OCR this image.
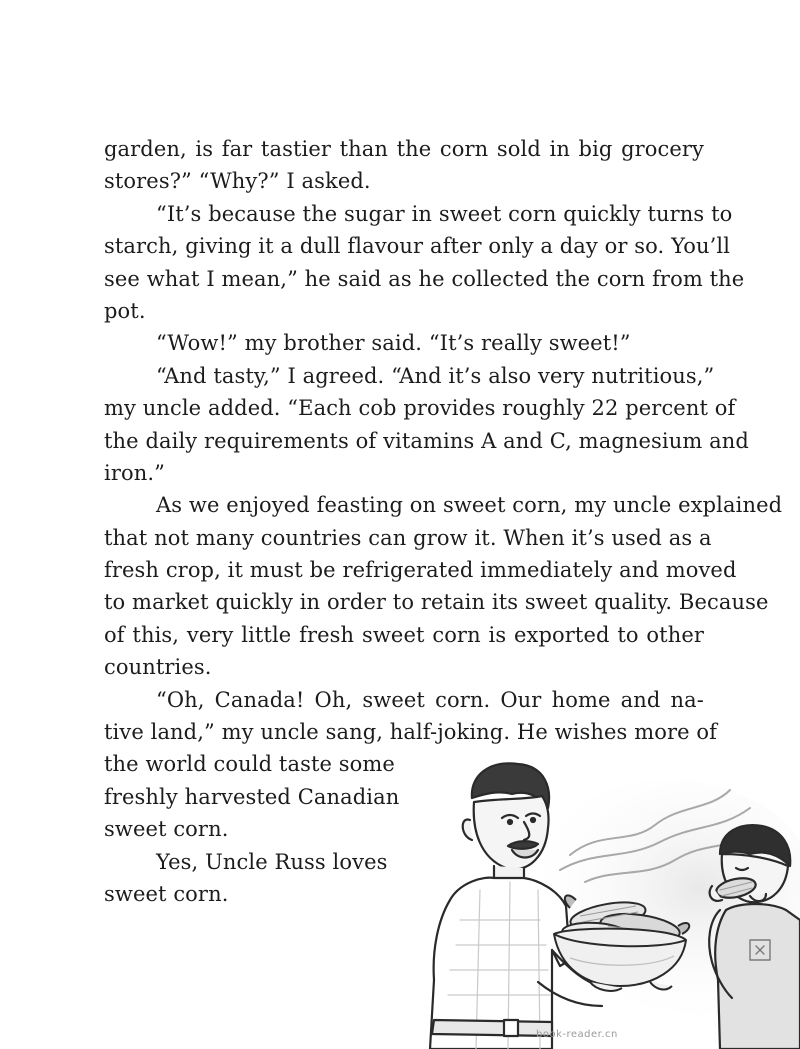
garden, is far tastier than the corn sold in big grocery
stores?” “Why?” I asked.
“It’s because the sugar in sweet corn quickly turns to
starch, giving it a dull flavour after only a day or so. You’ll
see what I mean,” he said as he collected the corn from the
pot.
“Wow!” my brother said. “It’s really sweet!”
“And tasty,” I agreed. “And it’s also very nutritious,”
my uncle added. “Each cob provides roughly 22 percent of
the daily requirements of vitamins A and C, magnesium and
iron.”
As we enjoyed feasting on sweet corn, my uncle explained
that not many countries can grow it. When it’s used as a
fresh crop, it must be refrigerated immediately and moved
to market quickly in order to retain its sweet quality. Because
of this, very little fresh sweet corn is exported to other
countries.
“Oh, Canada! Oh, sweet corn. Our home and na-
tive land,” my uncle sang, half-joking. He wishes more of
the world could taste some
freshly harvested Canadian
sweet corn.
Yes, Uncle Russ loves
sweet corn.
book-reader.cn
